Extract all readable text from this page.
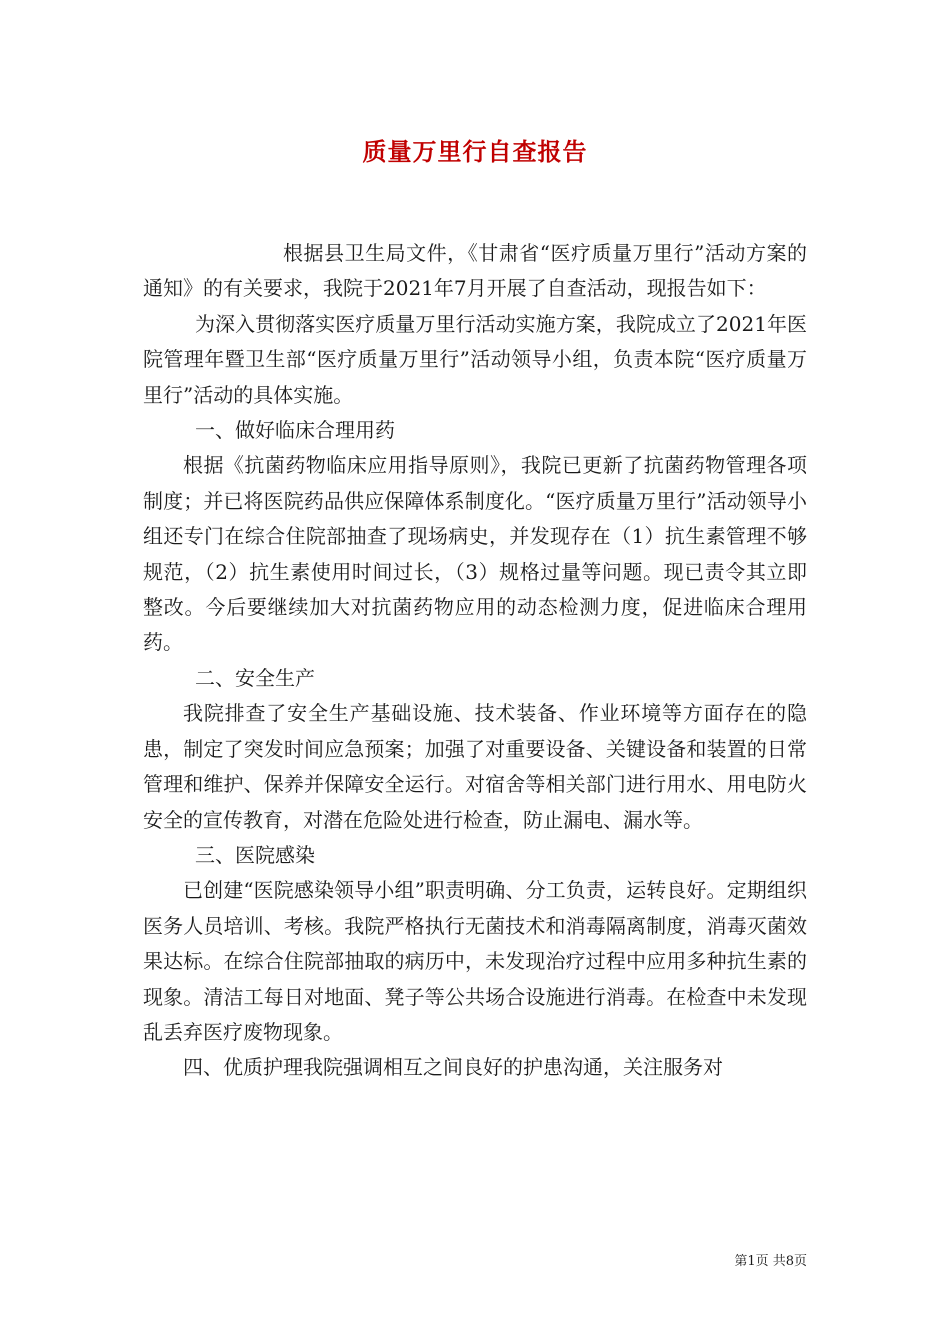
质量万里行自查报告

根据县卫生局文件，《甘肃省“医疗质量万里行”活动方案的通知》的有关要求，我院于2021年7月开展了自查活动，现报告如下：

为深入贯彻落实医疗质量万里行活动实施方案，我院成立了2021年医院管理年暨卫生部“医疗质量万里行”活动领导小组，负责本院“医疗质量万里行”活动的具体实施。

一、做好临床合理用药

根据《抗菌药物临床应用指导原则》，我院已更新了抗菌药物管理各项制度；并已将医院药品供应保障体系制度化。“医疗质量万里行”活动领导小组还专门在综合住院部抽查了现场病史，并发现存在（1）抗生素管理不够规范，（2）抗生素使用时间过长，（3）规格过量等问题。现已责令其立即整改。今后要继续加大对抗菌药物应用的动态检测力度，促进临床合理用药。

二、安全生产

我院排查了安全生产基础设施、技术装备、作业环境等方面存在的隐患，制定了突发时间应急预案；加强了对重要设备、关键设备和装置的日常管理和维护、保养并保障安全运行。对宿舍等相关部门进行用水、用电防火安全的宣传教育，对潜在危险处进行检查，防止漏电、漏水等。

三、医院感染

已创建“医院感染领导小组”职责明确、分工负责，运转良好。定期组织医务人员培训、考核。我院严格执行无菌技术和消毒隔离制度，消毒灭菌效果达标。在综合住院部抽取的病历中，未发现治疗过程中应用多种抗生素的现象。清洁工每日对地面、凳子等公共场合设施进行消毒。在检查中未发现乱丢弃医疗废物现象。

四、优质护理我院强调相互之间良好的护患沟通，关注服务对

第1页 共8页
